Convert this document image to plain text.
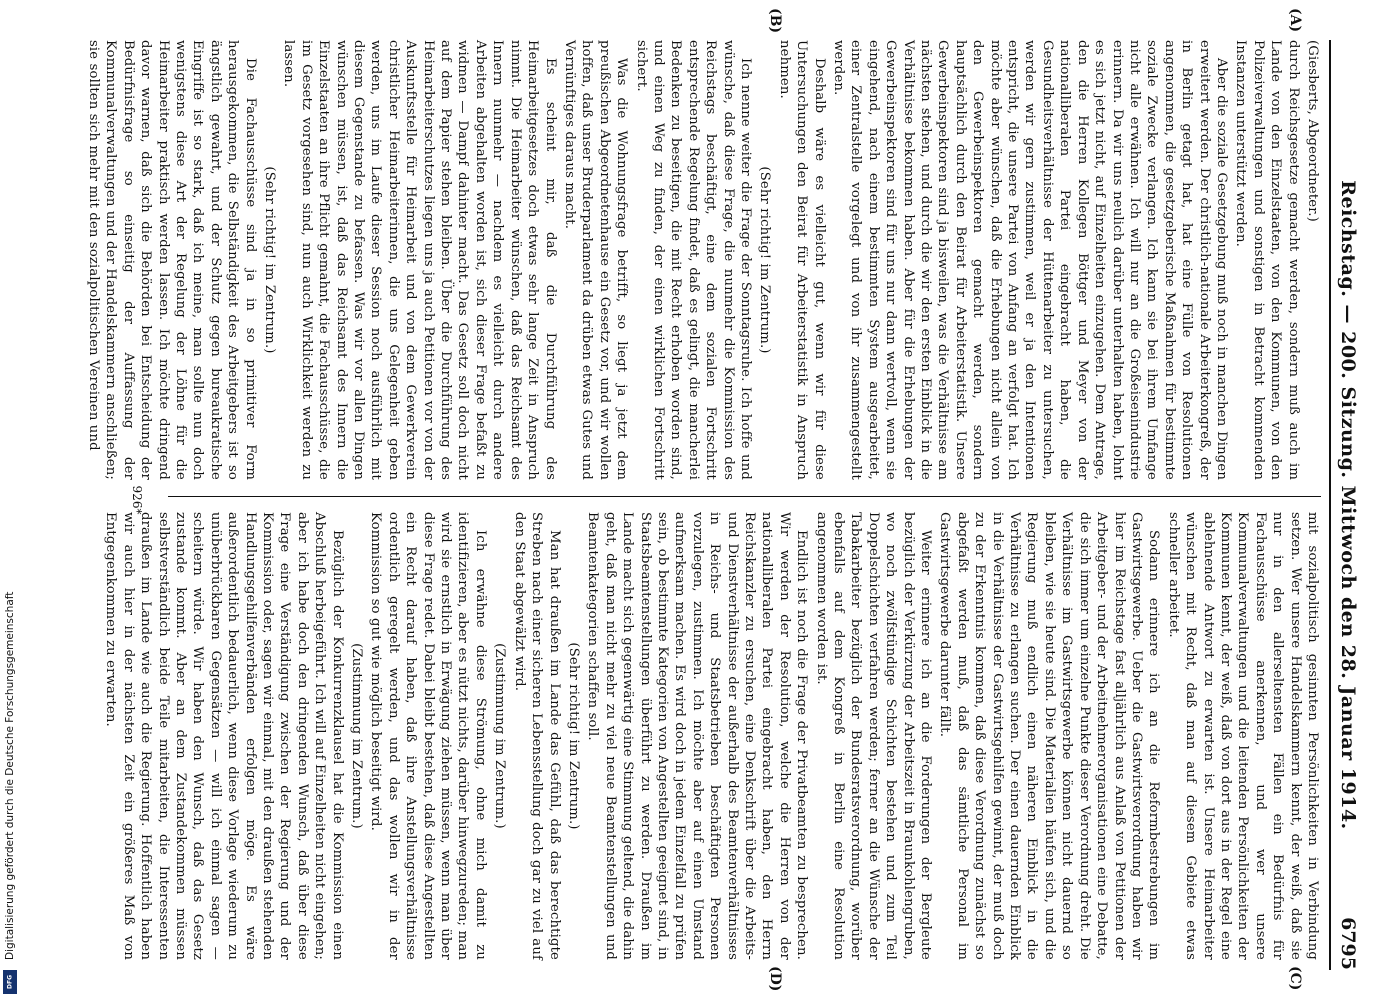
Digitalisierung gefördert durch die Deutsche Forschungsgemeinschaft
DFG
Reichstag. — 200. Sitzung. Mittwoch den 28. Januar 1914.
6795
(A)
(B)
(C)
(D)

(Giesberts, Abgeordneter.)

durch Reichsgesetze gemacht werden, sondern muß auch im Lande von den Einzelstaaten, von den Kommunen, von den Polizeiverwaltungen und sonstigen in Betracht kommenden Instanzen unterstützt werden.

Aber die soziale Gesetzgebung muß noch in manchen Dingen erweitert werden. Der christlich-nationale Arbeiterkongreß, der in Berlin getagt hat, hat eine Fülle von Resolutionen angenommen, die gesetzgeberische Maßnahmen für bestimmte soziale Zwecke verlangen. Ich kann sie bei ihrem Umfange nicht alle erwähnen. Ich will nur an die Großeisenindustrie erinnern. Da wir uns neulich darüber unterhalten haben, lohnt es sich jetzt nicht, auf Einzelheiten einzugehen. Dem Antrage, den die Herren Kollegen Böttger und Meyer von der nationalliberalen Partei eingebracht haben, die Gesundheitsverhältnisse der Hüttenarbeiter zu untersuchen, werden wir gern zustimmen, weil er ja den Intentionen entspricht, die unsere Partei von Anfang an verfolgt hat. Ich möchte aber wünschen, daß die Erhebungen nicht allein von den Gewerbeinspektoren gemacht werden, sondern hauptsächlich durch den Beirat für Arbeiterstatistik. Unsere Gewerbeinspektoren sind ja bisweilen, was die Verhältnisse am nächsten stehen, und durch die wir den ersten Einblick in die Verhältnisse bekommen haben. Aber für die Erhebungen der Gewerbeinspektoren sind für uns nur dann wertvoll, wenn sie eingehend, nach einem bestimmten System ausgearbeitet, einer Zentralstelle vorgelegt und von ihr zusammengestellt werden.

Deshalb wäre es vielleicht gut, wenn wir für diese Untersuchungen den Beirat für Arbeiterstatistik in Anspruch nehmen.

(Sehr richtig! im Zentrum.)

Ich nenne weiter die Frage der Sonntagsruhe. Ich hoffe und wünsche, daß diese Frage, die nunmehr die Kommission des Reichstags beschäftigt, eine dem sozialen Fortschritt entsprechende Regelung findet, daß es gelingt, die mancherlei Bedenken zu beseitigen, die mit Recht erhoben worden sind, und einen Weg zu finden, der einen wirklichen Fortschritt sichert.

Was die Wohnungsfrage betrifft, so liegt ja jetzt dem preußischen Abgeordnetenhause ein Gesetz vor, und wir wollen hoffen, daß unser Bruderparlament da drüben etwas Gutes und Vernünftiges daraus macht.

Es scheint mir, daß die Durchführung des Heimarbeitgesetzes doch etwas sehr lange Zeit in Anspruch nimmt. Die Heimarbeiter wünschen, daß das Reichsamt des Innern nunmehr — nachdem es vielleicht durch andere Arbeiten abgehalten worden ist, sich dieser Frage befaßt zu widmen — Dampf dahinter macht. Das Gesetz soll doch nicht auf dem Papier stehen bleiben. Über die Durchführung des Heimarbeiterschutzes liegen uns ja auch Petitionen vor von der Auskunftsstelle für Heimarbeit und von dem Gewerkverein christlicher Heimarbeiterinnen, die uns Gelegenheit geben werden, uns im Laufe dieser Session noch ausführlich mit diesem Gegenstande zu befassen. Was wir vor allen Dingen wünschen müssen, ist, daß das Reichsamt des Innern die Einzelstaaten an ihre Pflicht gemahnt, die Fachausschüsse, die im Gesetz vorgesehen sind, nun auch Wirklichkeit werden zu lassen.

(Sehr richtig! im Zentrum.)

Die Fachausschüsse sind ja in so primitiver Form herausgekommen, die Selbständigkeit des Arbeitgebers ist so ängstlich gewahrt, und der Schutz gegen bureaukratische Eingriffe ist so stark, daß ich meine, man sollte nun doch wenigstens diese Art der Regelung der Löhne für die Heimarbeiter praktisch werden lassen. Ich möchte dringend davor warnen, daß sich die Behörden bei Entscheidung der Bedürfnisfrage so einseitig der Auffassung der Kommunalverwaltungen und der Handelskammern anschließen; sie sollten sich mehr mit den sozialpolitischen Vereinen und

mit sozialpolitisch gesinnten Persönlichkeiten in Verbindung setzen. Wer unsere Handelskammern kennt, der weiß, daß sie nur in den allerseltensten Fällen ein Bedürfnis für Fachausschüsse anerkennen, und wer unsere Kommunalverwaltungen und die leitenden Persönlichkeiten der Kommunen kennt, der weiß, daß von dort aus in der Regel eine ablehnende Antwort zu erwarten ist. Unsere Heimarbeiter wünschen mit Recht, daß man auf diesem Gebiete etwas schneller arbeitet.

Sodann erinnere ich an die Reformbestrebungen im Gastwirtsgewerbe. Ueber die Gastwirtsverordnung haben wir hier im Reichstage fast alljährlich aus Anlaß von Petitionen der Arbeitgeber- und der Arbeitnehmerorganisationen eine Debatte, die sich immer um einzelne Punkte dieser Verordnung dreht. Die Verhältnisse im Gastwirtsgewerbe können nicht dauernd so bleiben, wie sie heute sind. Die Materialien häufen sich, und die Regierung muß endlich einen näheren Einblick in die Verhältnisse zu erlangen suchen. Der einen dauernden Einblick in die Verhältnisse der Gastwirtsgehilfen gewinnt, der muß doch zu der Erkenntnis kommen, daß diese Verordnung zunächst so abgefaßt werden muß, daß das sämtliche Personal im Gastwirtsgewerbe darunter fällt.

Weiter erinnere ich an die Forderungen der Bergleute bezüglich der Verkürzung der Arbeitszeit in Braunkohlengruben, wo noch zwölfstündige Schichten bestehen und zum Teil Doppelschichten verfahren werden; ferner an die Wünsche der Tabakarbeiter bezüglich der Bundesratsverordnung, worüber ebenfalls auf dem Kongreß in Berlin eine Resolution angenommen worden ist.

Endlich ist noch die Frage der Privatbeamten zu besprechen. Wir werden der Resolution, welche die Herren von der nationalliberalen Partei eingebracht haben, den Herrn Reichskanzler zu ersuchen, eine Denkschrift über die Arbeits- und Dienstverhältnisse der außerhalb des Beamtenverhältnisses in Reichs- und Staatsbetrieben beschäftigten Personen vorzulegen, zustimmen. Ich möchte aber auf einen Umstand aufmerksam machen. Es wird doch in jedem Einzelfall zu prüfen sein, ob bestimmte Kategorien von Angestellten geeignet sind, in Staatsbeamtenstellungen überführt zu werden. Draußen im Lande macht sich gegenwärtig eine Stimmung geltend, die dahin geht, daß man nicht mehr zu viel neue Beamtenstellungen und Beamtenkategorien schaffen soll.

(Sehr richtig! im Zentrum.)

Man hat draußen im Lande das Gefühl, daß das berechtigte Streben nach einer sicheren Lebensstellung doch gar zu viel auf den Staat abgewälzt wird.

(Zustimmung im Zentrum.)

Ich erwähne diese Strömung, ohne mich damit zu identifizieren, aber es nützt nichts, darüber hinwegzureden; man wird sie ernstlich in Erwägung ziehen müssen, wenn man über diese Frage redet. Dabei bleibt bestehen, daß diese Angestellten ein Recht darauf haben, daß ihre Anstellungsverhältnisse ordentlich geregelt werden, und das wollen wir in der Kommission so gut wie möglich beseitigt wird.

(Zustimmung im Zentrum.)

Bezüglich der Konkurrenzklausel hat die Kommission einen Abschluß herbeigeführt. Ich will auf Einzelheiten nicht eingehen; aber ich habe doch den dringenden Wunsch, daß über diese Frage eine Verständigung zwischen der Regierung und der Kommission oder, sagen wir einmal, mit den draußen stehenden Handlungsgehilfenverbänden erfolgen möge. Es wäre außerordentlich bedauerlich, wenn diese Vorlage wiederum zu unüberbrückbaren Gegensätzen — will ich einmal sagen — scheitern würde. Wir haben den Wunsch, daß das Gesetz zustande kommt. Aber an dem Zustandekommen müssen selbstverständlich beide Teile mitarbeiten, die Interessenten draußen im Lande wie auch die Regierung. Hoffentlich haben wir auch hier in der nächsten Zeit ein größeres Maß von Entgegenkommen zu erwarten.

926*
